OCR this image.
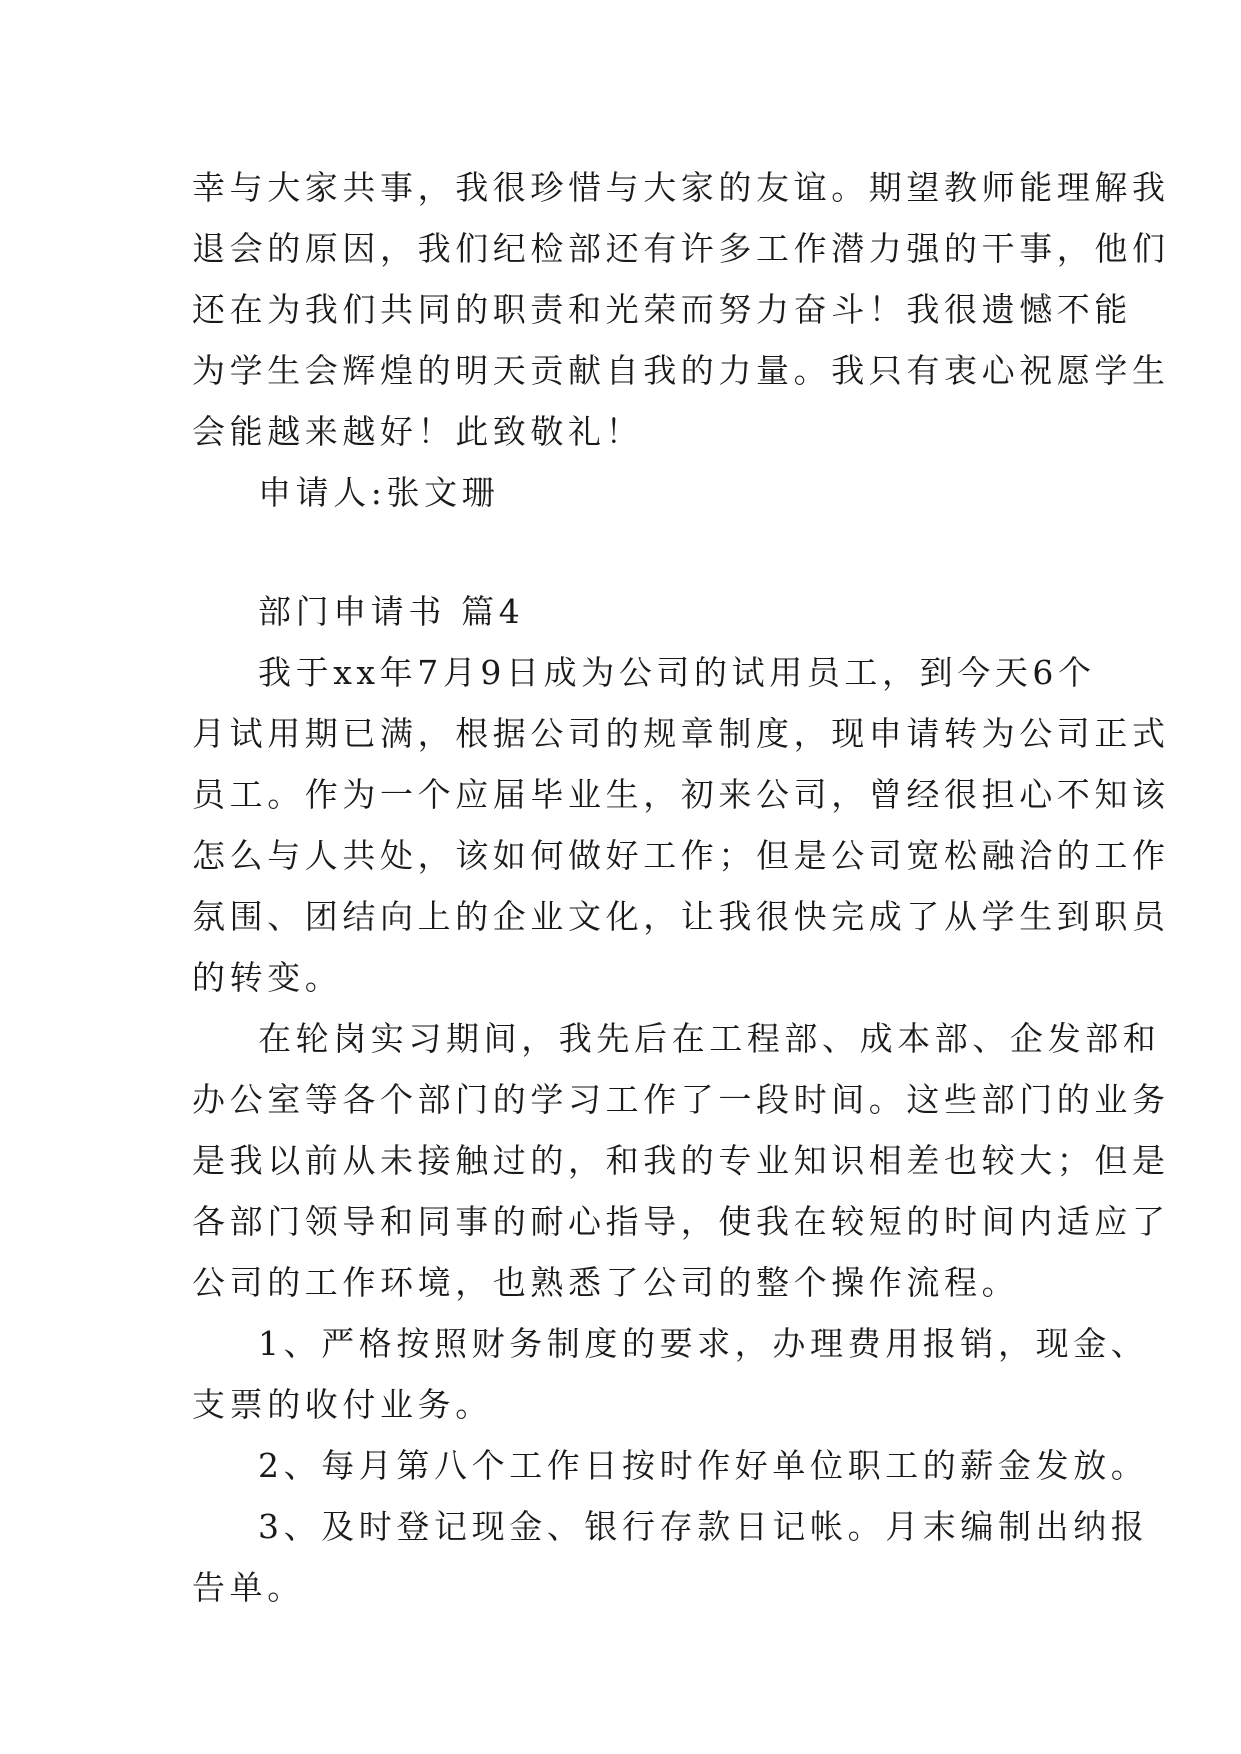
幸与大家共事，我很珍惜与大家的友谊。期望教师能理解我
退会的原因，我们纪检部还有许多工作潜力强的干事，他们
还在为我们共同的职责和光荣而努力奋斗！我很遗憾不能
为学生会辉煌的明天贡献自我的力量。我只有衷心祝愿学生
会能越来越好！此致敬礼！
申请人:张文珊
部门申请书 篇4
我于xx年7月9日成为公司的试用员工，到今天6个
月试用期已满，根据公司的规章制度，现申请转为公司正式
员工。作为一个应届毕业生，初来公司，曾经很担心不知该
怎么与人共处，该如何做好工作；但是公司宽松融洽的工作
氛围、团结向上的企业文化，让我很快完成了从学生到职员
的转变。
在轮岗实习期间，我先后在工程部、成本部、企发部和
办公室等各个部门的学习工作了一段时间。这些部门的业务
是我以前从未接触过的，和我的专业知识相差也较大；但是
各部门领导和同事的耐心指导，使我在较短的时间内适应了
公司的工作环境，也熟悉了公司的整个操作流程。
1、严格按照财务制度的要求，办理费用报销，现金、
支票的收付业务。
2、每月第八个工作日按时作好单位职工的薪金发放。
3、及时登记现金、银行存款日记帐。月末编制出纳报
告单。
